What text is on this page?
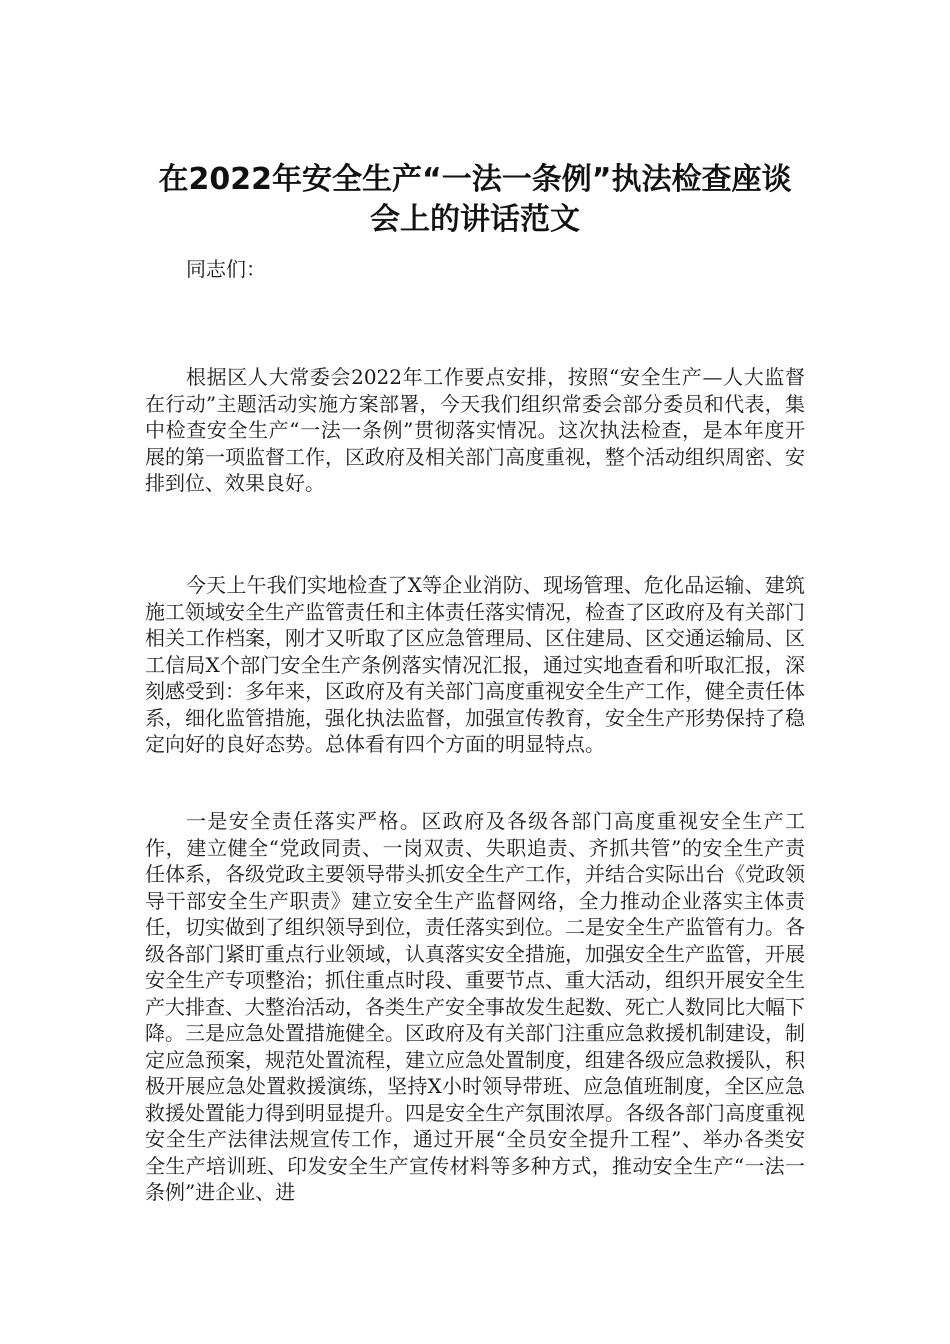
在2022年安全生产“一法一条例”执法检查座谈会上的讲话范文

同志们：

根据区人大常委会2022年工作要点安排，按照“安全生产—人大监督在行动”主题活动实施方案部署，今天我们组织常委会部分委员和代表，集中检查安全生产“一法一条例”贯彻落实情况。这次执法检查，是本年度开展的第一项监督工作，区政府及相关部门高度重视，整个活动组织周密、安排到位、效果良好。

今天上午我们实地检查了X等企业消防、现场管理、危化品运输、建筑施工领域安全生产监管责任和主体责任落实情况，检查了区政府及有关部门相关工作档案，刚才又听取了区应急管理局、区住建局、区交通运输局、区工信局X个部门安全生产条例落实情况汇报，通过实地查看和听取汇报，深刻感受到：多年来，区政府及有关部门高度重视安全生产工作，健全责任体系，细化监管措施，强化执法监督，加强宣传教育，安全生产形势保持了稳定向好的良好态势。总体看有四个方面的明显特点。

一是安全责任落实严格。区政府及各级各部门高度重视安全生产工作，建立健全“党政同责、一岗双责、失职追责、齐抓共管”的安全生产责任体系，各级党政主要领导带头抓安全生产工作，并结合实际出台《党政领导干部安全生产职责》建立安全生产监督网络，全力推动企业落实主体责任，切实做到了组织领导到位，责任落实到位。二是安全生产监管有力。各级各部门紧盯重点行业领域，认真落实安全措施，加强安全生产监管，开展安全生产专项整治；抓住重点时段、重要节点、重大活动，组织开展安全生产大排查、大整治活动，各类生产安全事故发生起数、死亡人数同比大幅下降。三是应急处置措施健全。区政府及有关部门注重应急救援机制建设，制定应急预案，规范处置流程，建立应急处置制度，组建各级应急救援队，积极开展应急处置救援演练，坚持X小时领导带班、应急值班制度，全区应急救援处置能力得到明显提升。四是安全生产氛围浓厚。各级各部门高度重视安全生产法律法规宣传工作，通过开展“全员安全提升工程”、举办各类安全生产培训班、印发安全生产宣传材料等多种方式，推动安全生产“一法一条例”进企业、进
